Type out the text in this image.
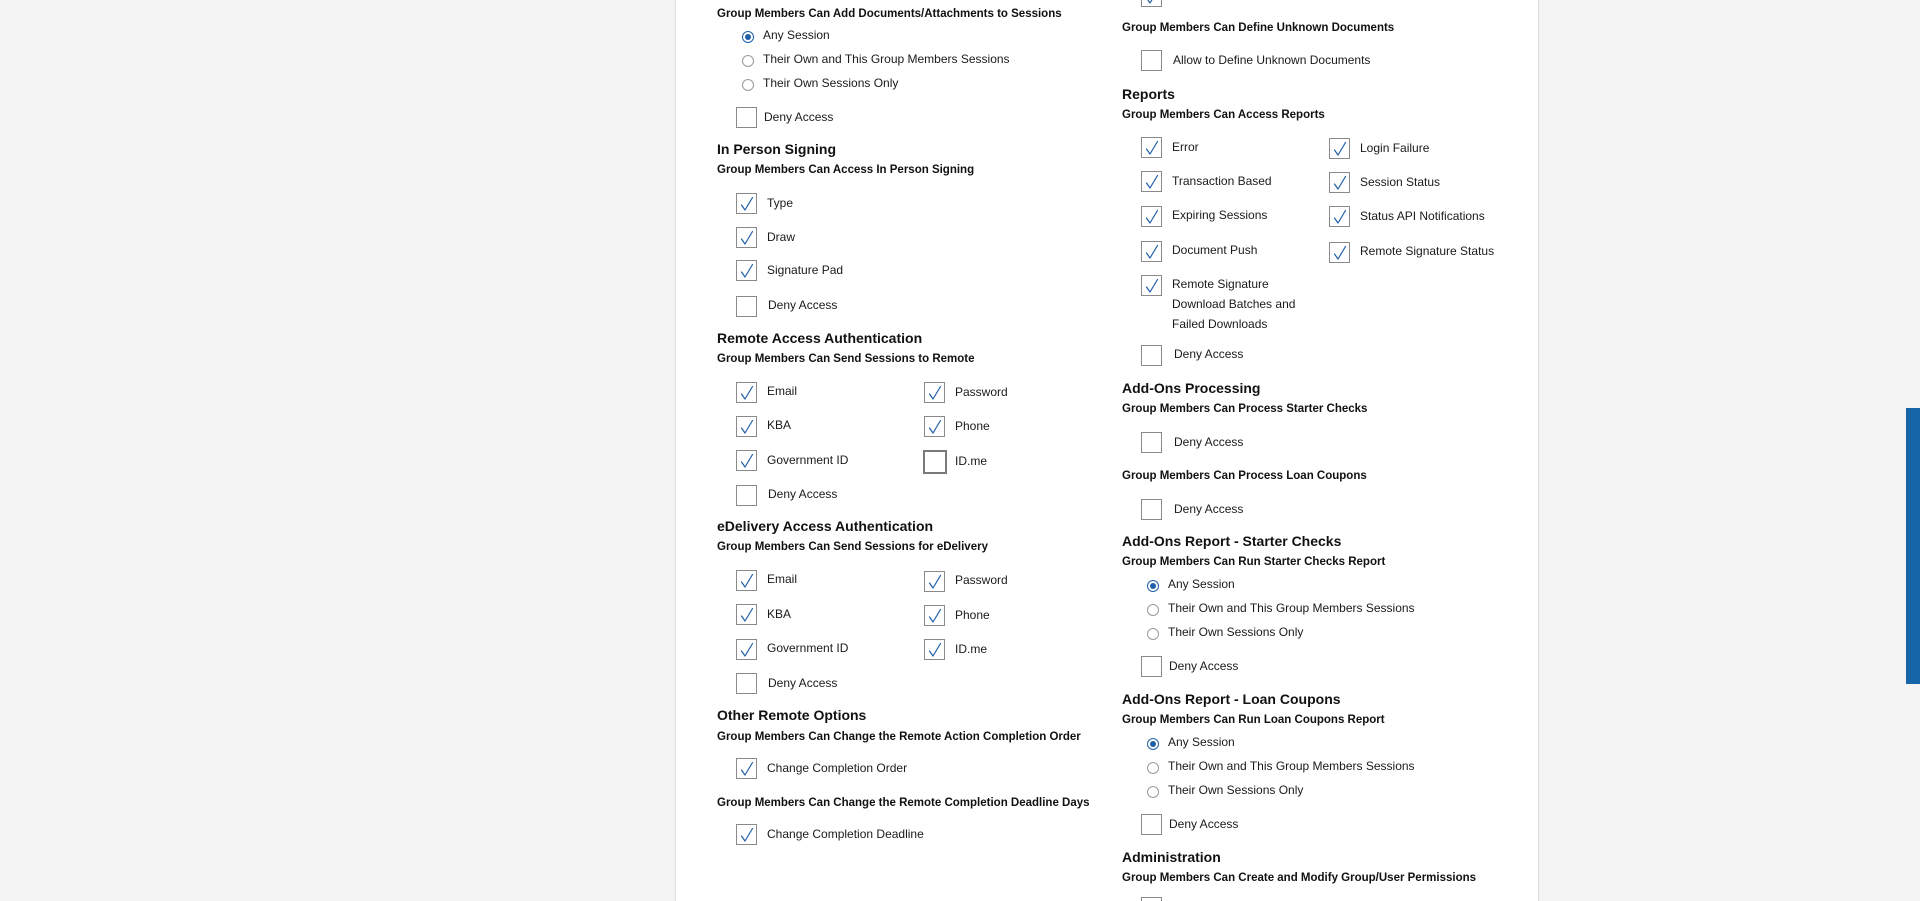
Group Members Can Add Documents/Attachments to Sessions
Any Session
Their Own and This Group Members Sessions
Their Own Sessions Only
Deny Access
In Person Signing
Group Members Can Access In Person Signing
Type
Draw
Signature Pad
Deny Access
Remote Access Authentication
Group Members Can Send Sessions to Remote
Email
KBA
Government ID
Password
Phone
ID.me
Deny Access
eDelivery Access Authentication
Group Members Can Send Sessions for eDelivery
Email
KBA
Government ID
Password
Phone
ID.me
Deny Access
Other Remote Options
Group Members Can Change the Remote Action Completion Order
Change Completion Order
Group Members Can Change the Remote Completion Deadline Days
Change Completion Deadline
Group Members Can Define Unknown Documents
Allow to Define Unknown Documents
Reports
Group Members Can Access Reports
Error
Transaction Based
Expiring Sessions
Document Push
Remote Signature
Download Batches and
Failed Downloads
Login Failure
Session Status
Status API Notifications
Remote Signature Status
Deny Access
Add-Ons Processing
Group Members Can Process Starter Checks
Deny Access
Group Members Can Process Loan Coupons
Deny Access
Add-Ons Report - Starter Checks
Group Members Can Run Starter Checks Report
Any Session
Their Own and This Group Members Sessions
Their Own Sessions Only
Deny Access
Add-Ons Report - Loan Coupons
Group Members Can Run Loan Coupons Report
Any Session
Their Own and This Group Members Sessions
Their Own Sessions Only
Deny Access
Administration
Group Members Can Create and Modify Group/User Permissions
